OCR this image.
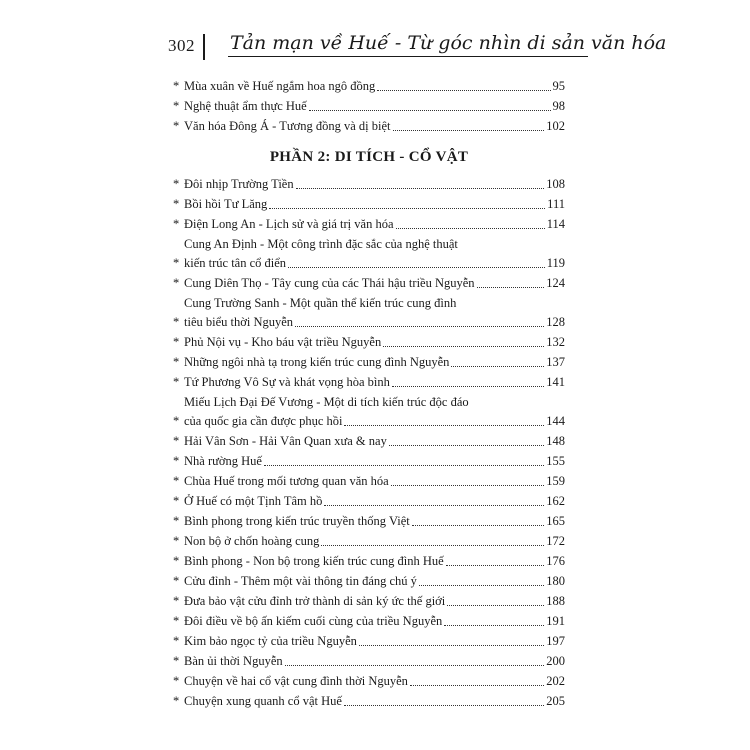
302 Tản mạn về Huế - Từ góc nhìn di sản văn hóa
* Mùa xuân về Huế ngắm hoa ngô đồng	95
* Nghệ thuật ẩm thực Huế	98
* Văn hóa Đông Á - Tương đồng và dị biệt	102
PHẦN 2: DI TÍCH - CỔ VẬT
* Đôi nhịp Trường Tiền	108
* Bồi hồi Tư Lăng	111
* Điện Long An - Lịch sử và giá trị văn hóa	114
*
Cung An Định - Một công trình đặc sắc của nghệ thuật
kiến trúc tân cổ điển	119
* Cung Diên Thọ - Tây cung của các Thái hậu triều Nguyễn	124
*
Cung Trường Sanh - Một quần thể kiến trúc cung đình
tiêu biểu thời Nguyễn	128
* Phủ Nội vụ - Kho báu vật triều Nguyễn	132
* Những ngôi nhà tạ trong kiến trúc cung đình Nguyễn	137
* Tứ Phương Vô Sự và khát vọng hòa bình	141
*
Miếu Lịch Đại Đế Vương - Một di tích kiến trúc độc đáo
của quốc gia cần được phục hồi	144
* Hải Vân Sơn - Hải Vân Quan xưa & nay	148
* Nhà rường Huế	155
* Chùa Huế trong mối tương quan văn hóa	159
* Ở Huế có một Tịnh Tâm hồ	162
* Bình phong trong kiến trúc truyền thống Việt	165
* Non bộ ở chốn hoàng cung	172
* Bình phong - Non bộ trong kiến trúc cung đình Huế	176
* Cửu đỉnh - Thêm một vài thông tin đáng chú ý	180
* Đưa bảo vật cửu đỉnh trở thành di sản ký ức thế giới	188
* Đôi điều về bộ ấn kiếm cuối cùng của triều Nguyễn	191
* Kim bảo ngọc tỷ của triều Nguyễn	197
* Bàn ủi thời Nguyễn	200
* Chuyện về hai cổ vật cung đình thời Nguyễn	202
* Chuyện xung quanh cổ vật Huế	205
